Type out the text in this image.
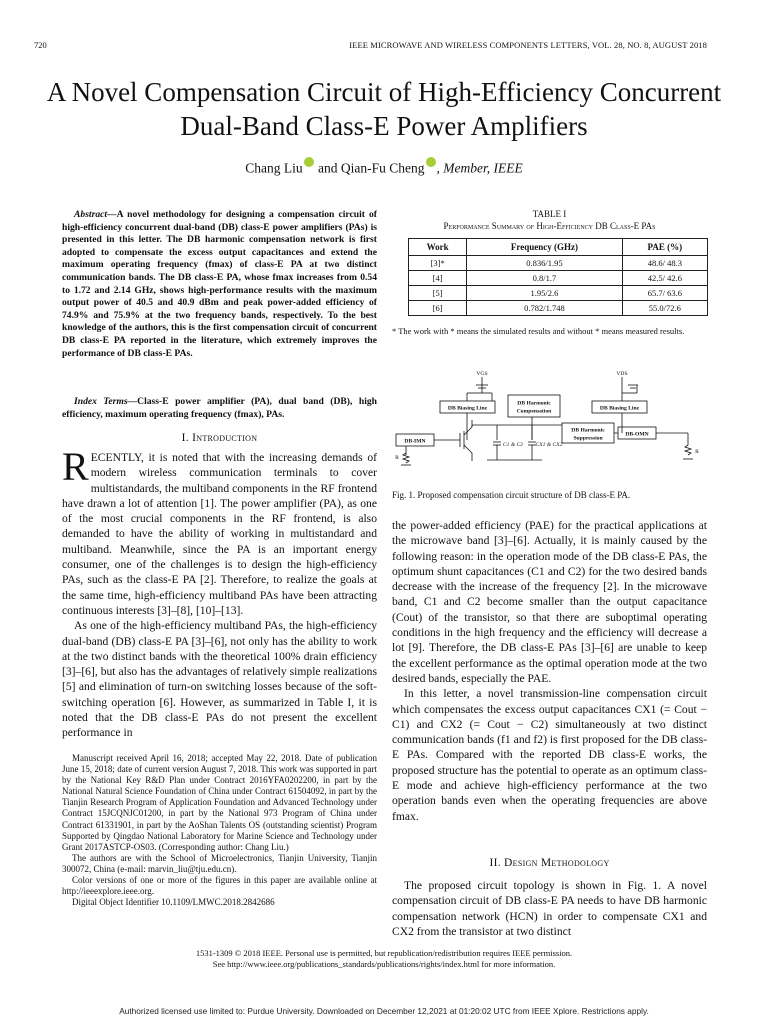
720	IEEE MICROWAVE AND WIRELESS COMPONENTS LETTERS, VOL. 28, NO. 8, AUGUST 2018
A Novel Compensation Circuit of High-Efficiency Concurrent Dual-Band Class-E Power Amplifiers
Chang Liu and Qian-Fu Cheng , Member, IEEE
Abstract—A novel methodology for designing a compensation circuit of high-efficiency concurrent dual-band (DB) class-E power amplifiers (PAs) is presented in this letter. The DB harmonic compensation network is first adopted to compensate the excess output capacitances and extend the maximum operating frequency (fmax) of class-E PA at two distinct communication bands. The DB class-E PA, whose fmax increases from 0.54 to 1.72 and 2.14 GHz, shows high-performance results with the maximum output power of 40.5 and 40.9 dBm and peak power-added efficiency of 74.9% and 75.9% at the two frequency bands, respectively. To the best knowledge of the authors, this is the first compensation circuit of concurrent DB class-E PA reported in the literature, which extremely improves the performance of DB class-E PAs.
Index Terms—Class-E power amplifier (PA), dual band (DB), high efficiency, maximum operating frequency (fmax), PAs.
I. Introduction
RECENTLY, it is noted that with the increasing demands of modern wireless communication terminals to cover multistandards, the multiband components in the RF frontend have drawn a lot of attention [1]. The power amplifier (PA), as one of the most crucial components in the RF frontend, is also demanded to have the ability of working in multistandard and multiband. Meanwhile, since the PA is an important energy consumer, one of the challenges is to design the high-efficiency PAs, such as the class-E PA [2]. Therefore, to realize the goals at the same time, high-efficiency multiband PAs have been attracting continuous interests [3]–[8], [10]–[13].

As one of the high-efficiency multiband PAs, the high-efficiency dual-band (DB) class-E PA [3]–[6], not only has the ability to work at the two distinct bands with the theoretical 100% drain efficiency [3]–[6], but also has the advantages of relatively simple realizations [5] and elimination of turn-on switching losses because of the soft-switching operation [6]. However, as summarized in Table I, it is noted that the DB class-E PAs do not present the excellent performance in

Manuscript received April 16, 2018; accepted May 22, 2018. Date of publication June 15, 2018; date of current version August 7, 2018. This work was supported in part by the National Key R&D Plan under Contract 2016YFA0202200, in part by the National Natural Science Foundation of China under Contract 61504092, in part by the Tianjin Research Program of Application Foundation and Advanced Technology under Contract 15JCQNJC01200, in part by the National 973 Program of China under Contract 61331901, in part by the AoShan Talents OS (outstanding scientist) Program Supported by Qingdao National Laboratory for Marine Science and Technology under Grant 2017ASTCP-OS03. (Corresponding author: Chang Liu.)

The authors are with the School of Microelectronics, Tianjin University, Tianjin 300072, China (e-mail: marvin_liu@tju.edu.cn).

Color versions of one or more of the figures in this paper are available online at http://ieeexplore.ieee.org.

Digital Object Identifier 10.1109/LMWC.2018.2842686

TABLE I
Performance Summary of High-Efficiency DB Class-E PAs
Work	Frequency (GHz)	PAE (%)
[3]*	0.836/1.95	48.6/ 48.3
[4]	0.8/1.7	42.5/ 42.6
[5]	1.95/2.6	65.7/ 63.6
[6]	0.782/1.748	55.0/72.6
* The work with * means the simulated results and without * means measured results.
VGS	VDS
DB Biasing Line
DB Harmonic
Compensation	DB Biasing Line
DB Harmonic
Suppression
DB-IMN
DB-OMN
C1 & C2 CX1 & CX2
R
R
Fig. 1. Proposed compensation circuit structure of DB class-E PA.
the power-added efficiency (PAE) for the practical applications at the microwave band [3]–[6]. Actually, it is mainly caused by the following reason: in the operation mode of the DB class-E PAs, the optimum shunt capacitances (C1 and C2) for the two desired bands decrease with the increase of the frequency [2]. In the microwave band, C1 and C2 become smaller than the output capacitance (Cout) of the transistor, so that there are suboptimal operating conditions in the high frequency and the efficiency will decrease a lot [9]. Therefore, the DB class-E PAs [3]–[6] are unable to keep the excellent performance as the optimal operation mode at the two desired bands, especially the PAE.

In this letter, a novel transmission-line compensation circuit which compensates the excess output capacitances CX1 (= Cout − C1) and CX2 (= Cout − C2) simultaneously at two distinct communication bands (f1 and f2) is first proposed for the DB class-E PAs. Compared with the reported DB class-E works, the proposed structure has the potential to operate as an optimum class-E mode and achieve high-efficiency performance at the two operation bands even when the operating frequencies are above fmax.

II. Design Methodology

The proposed circuit topology is shown in Fig. 1. A novel compensation circuit of DB class-E PA needs to have DB harmonic compensation network (HCN) in order to compensate CX1 and CX2 from the transistor at two distinct

1531-1309 © 2018 IEEE. Personal use is permitted, but republication/redistribution requires IEEE permission.
See http://www.ieee.org/publications_standards/publications/rights/index.html for more information.
Authorized licensed use limited to: Purdue University. Downloaded on December 12,2021 at 01:20:02 UTC from IEEE Xplore. Restrictions apply.
